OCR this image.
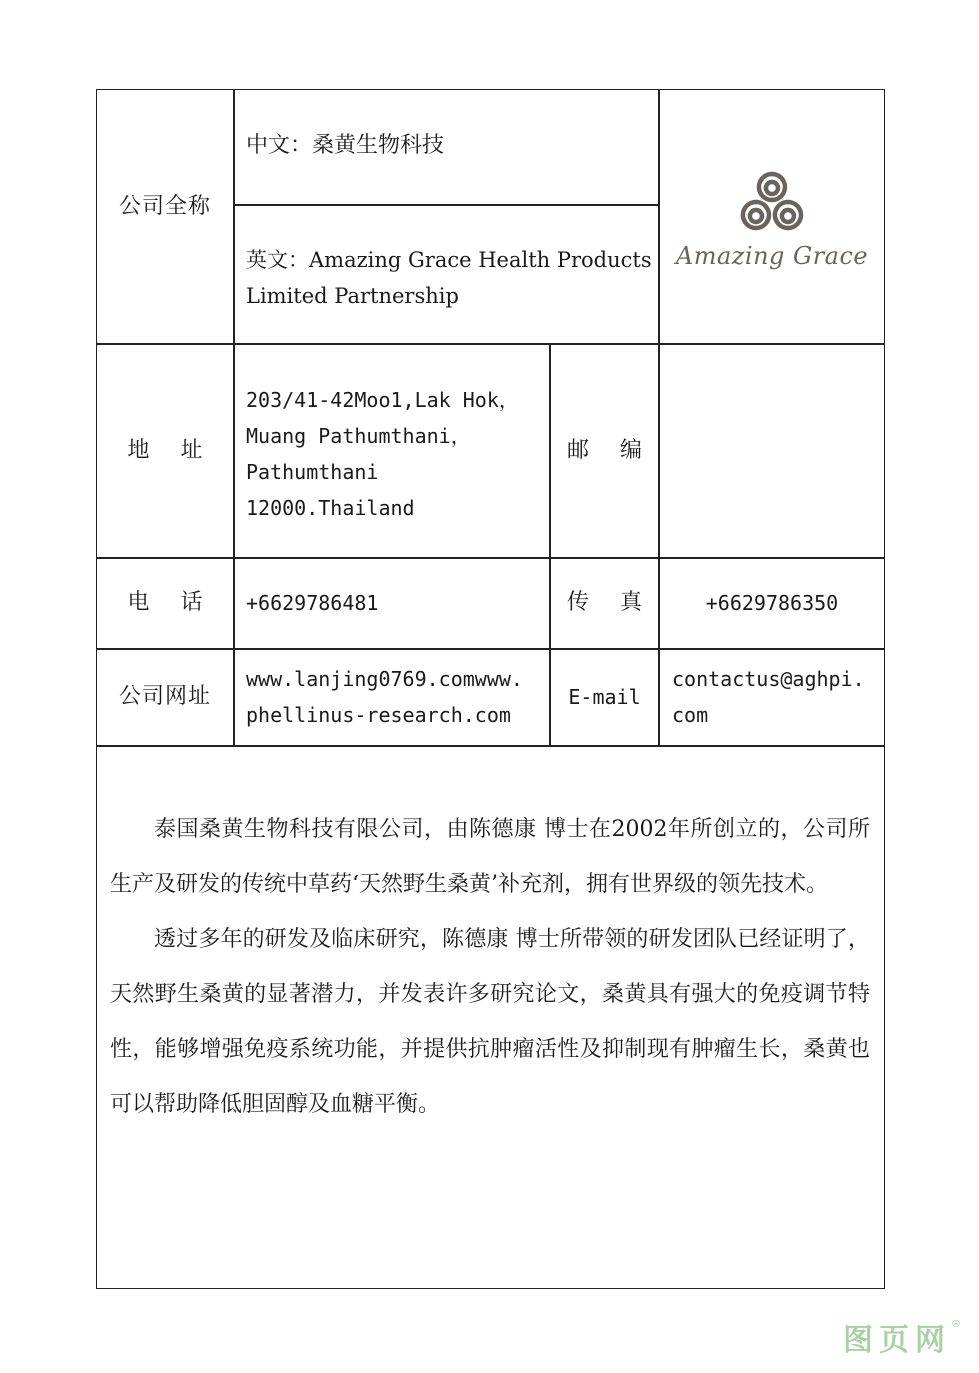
公司全称
中文：桑黄生物科技
英文：Amazing Grace Health Products
Limited Partnership
Amazing Grace
地 址
203/41-42Moo1,Lak Hok，
Muang Pathumthani，
Pathumthani
12000.Thailand
邮 编
电 话 +6629786481	传 真	+6629786350
公司网址
www.lanjing0769.comwww.
phellinus-research.com
E-mail
contactus@aghpi.
com

泰国桑黄生物科技有限公司，由陈德康 博士在2002年所创立的，公司所生产及研发的传统中草药‘天然野生桑黄’补充剂，拥有世界级的领先技术。

透过多年的研发及临床研究，陈德康 博士所带领的研发团队已经证明了，天然野生桑黄的显著潜力，并发表许多研究论文，桑黄具有强大的免疫调节特性，能够增强免疫系统功能，并提供抗肿瘤活性及抑制现有肿瘤生长，桑黄也可以帮助降低胆固醇及血糖平衡。

图页网®
